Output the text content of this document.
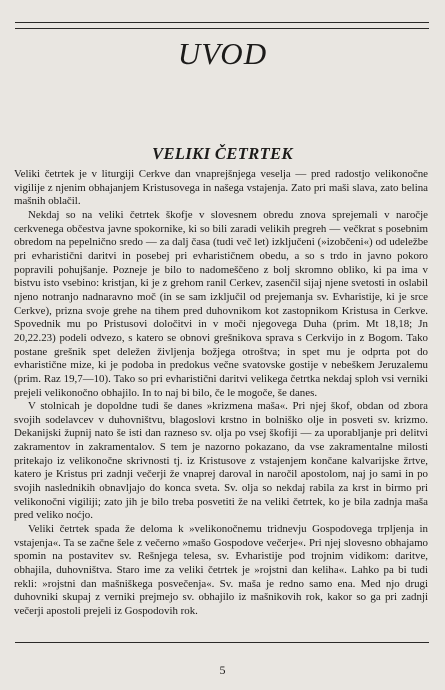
UVOD
VELIKI ČETRTEK

Veliki četrtek je v liturgiji Cerkve dan vnaprejšnjega veselja — pred radostjo velikonočne vigilije z njenim obhajanjem Kristusovega in našega vstajenja. Zato pri maši slava, zato belina mašnih oblačil.

Nekdaj so na veliki četrtek škofje v slovesnem obredu znova sprejemali v naročje cerkvenega občestva javne spokornike, ki so bili zaradi velikih pregreh — večkrat s posebnim obredom na pepelnično sredo — za dalj časa (tudi več let) izključeni (»izobčeni«) od udeležbe pri evharistični daritvi in posebej pri evharističnem obedu, a so s trdo in javno pokoro popravili pohujšanje. Pozneje je bilo to nadomeščeno z bolj skromno obliko, ki pa ima v bistvu isto vsebino: kristjan, ki je z grehom ranil Cerkev, zasenčil sijaj njene svetosti in oslabil njeno notranjo nadnaravno moč (in se sam izključil od prejemanja sv. Evharistije, ki je srce Cerkve), prizna svoje grehe na tihem pred duhovnikom kot zastopnikom Kristusa in Cerkve. Spovednik mu po Pristusovi določitvi in v moči njegovega Duha (prim. Mt 18,18; Jn 20,22.23) podeli odvezo, s katero se obnovi grešnikova sprava s Cerkvijo in z Bogom. Tako postane grešnik spet deležen življenja božjega otroštva; in spet mu je odprta pot do evharistične mize, ki je podoba in predokus večne svatovske gostije v nebeškem Jeruzalemu (prim. Raz 19,7—10). Tako so pri evharistični daritvi velikega četrtka nekdaj sploh vsi verniki prejeli velikonočno obhajilo. In to naj bi bilo, če le mogoče, še danes.

V stolnicah je dopoldne tudi še danes »krizmena maša«. Pri njej škof, obdan od zbora svojih sodelavcev v duhovništvu, blagoslovi krstno in bolniško olje in posveti sv. krizmo. Dekanijski župnij nato še isti dan razneso sv. olja po vsej škofiji — za uporabljanje pri delitvi zakramentov in zakramentalov. S tem je nazorno pokazano, da vse zakramentalne milosti pritekajo iz velikonočne skrivnosti tj. iz Kristusove z vstajenjem končane kalvarijske žrtve, katero je Kristus pri zadnji večerji že vnaprej daroval in naročil apostolom, naj jo sami in po svojih naslednikih obnavljajo do konca sveta. Sv. olja so nekdaj rabila za krst in birmo pri velikonočni vigiliji; zato jih je bilo treba posvetiti že na veliki četrtek, ko je bila zadnja maša pred veliko noćjo.

Veliki četrtek spada že deloma k »velikonočnemu tridnevju Gospodovega trpljenja in vstajenja«. Ta se začne šele z večerno »mašo Gospodove večerje«. Pri njej slovesno obhajamo spomin na postavitev sv. Rešnjega telesa, sv. Evharistije pod trojnim vidikom: daritve, obhajila, duhovništva. Staro ime za veliki četrtek je »rojstni dan keliha«. Lahko pa bi tudi rekli: »rojstni dan mašniškega posvečenja«. Sv. maša je redno samo ena. Med njo drugi duhovniki skupaj z verniki prejmejo sv. obhajilo iz mašnikovih rok, kakor so ga pri zadnji večerji apostoli prejeli iz Gospodovih rok.

5
